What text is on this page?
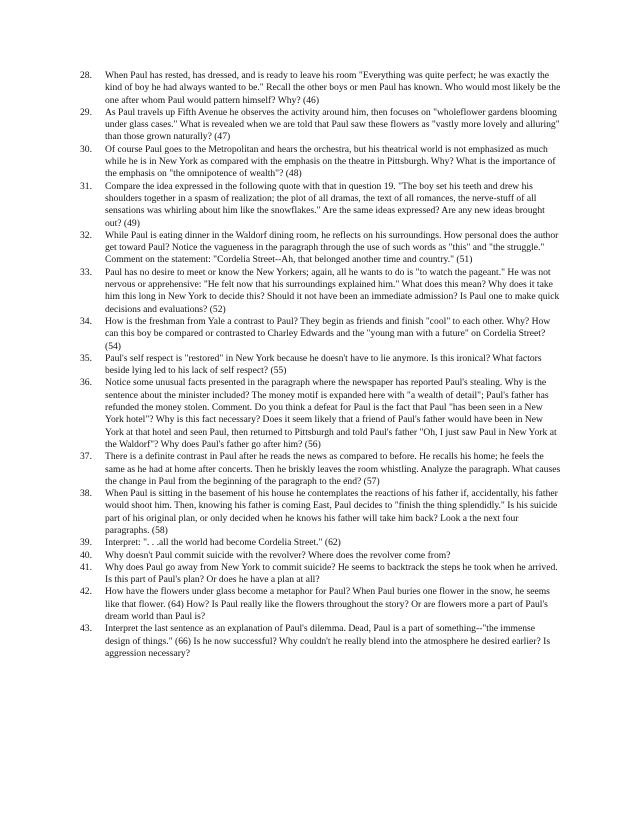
28.	When Paul has rested, has dressed, and is ready to leave his room "Everything was quite perfect; he was exactly the kind of boy he had always wanted to be." Recall the other boys or men Paul has known. Who would most likely be the one after whom Paul would pattern himself? Why? (46)
29.	As Paul travels up Fifth Avenue he observes the activity around him, then focuses on "wholeflower gardens blooming under glass cases." What is revealed when we are told that Paul saw these flowers as "vastly more lovely and alluring" than those grown naturally? (47)
30.	Of course Paul goes to the Metropolitan and hears the orchestra, but his theatrical world is not emphasized as much while he is in New York as compared with the emphasis on the theatre in Pittsburgh. Why? What is the importance of the emphasis on "the omnipotence of wealth"? (48)
31.	Compare the idea expressed in the following quote with that in question 19. "The boy set his teeth and drew his shoulders together in a spasm of realization; the plot of all dramas, the text of all romances, the nerve-stuff of all sensations was whirling about him like the snowflakes." Are the same ideas expressed? Are any new ideas brought out? (49)
32.	While Paul is eating dinner in the Waldorf dining room, he reflects on his surroundings. How personal does the author get toward Paul? Notice the vagueness in the paragraph through the use of such words as "this" and "the struggle." Comment on the statement: "Cordelia Street--Ah, that belonged another time and country." (51)
33.	Paul has no desire to meet or know the New Yorkers; again, all he wants to do is "to watch the pageant." He was not nervous or apprehensive: "He felt now that his surroundings explained him." What does this mean? Why does it take him this long in New York to decide this? Should it not have been an immediate admission? Is Paul one to make quick decisions and evaluations? (52)
34.	How is the freshman from Yale a contrast to Paul? They begin as friends and finish "cool" to each other. Why? How can this boy be compared or contrasted to Charley Edwards and the "young man with a future" on Cordelia Street? (54)
35.	Paul's self respect is "restored" in New York because he doesn't have to lie anymore. Is this ironical? What factors beside lying led to his lack of self respect? (55)
36.	Notice some unusual facts presented in the paragraph where the newspaper has reported Paul's stealing. Why is the sentence about the minister included? The money motif is expanded here with "a wealth of detail"; Paul's father has refunded the money stolen. Comment. Do you think a defeat for Paul is the fact that Paul "has been seen in a New York hotel"? Why is this fact necessary? Does it seem likely that a friend of Paul's father would have been in New York at that hotel and seen Paul, then returned to Pittsburgh and told Paul's father "Oh, I just saw Paul in New York at the Waldorf"? Why does Paul's father go after him? (56)
37.	There is a definite contrast in Paul after he reads the news as compared to before. He recalls his home; he feels the same as he had at home after concerts. Then he briskly leaves the room whistling. Analyze the paragraph. What causes the change in Paul from the beginning of the paragraph to the end? (57)
38.	When Paul is sitting in the basement of his house he contemplates the reactions of his father if, accidentally, his father would shoot him. Then, knowing his father is coming East, Paul decides to "finish the thing splendidly." Is his suicide part of his original plan, or only decided when he knows his father will take him back? Look a the next four paragraphs. (58)
39.	Interpret: ". . .all the world had become Cordelia Street." (62)
40.	Why doesn't Paul commit suicide with the revolver? Where does the revolver come from?
41.	Why does Paul go away from New York to commit suicide? He seems to backtrack the steps he took when he arrived. Is this part of Paul's plan? Or does he have a plan at all?
42.	How have the flowers under glass become a metaphor for Paul? When Paul buries one flower in the snow, he seems like that flower. (64) How? Is Paul really like the flowers throughout the story? Or are flowers more a part of Paul's dream world than Paul is?
43.	Interpret the last sentence as an explanation of Paul's dilemma. Dead, Paul is a part of something--"the immense design of things." (66) Is he now successful? Why couldn't he really blend into the atmosphere he desired earlier? Is aggression necessary?
